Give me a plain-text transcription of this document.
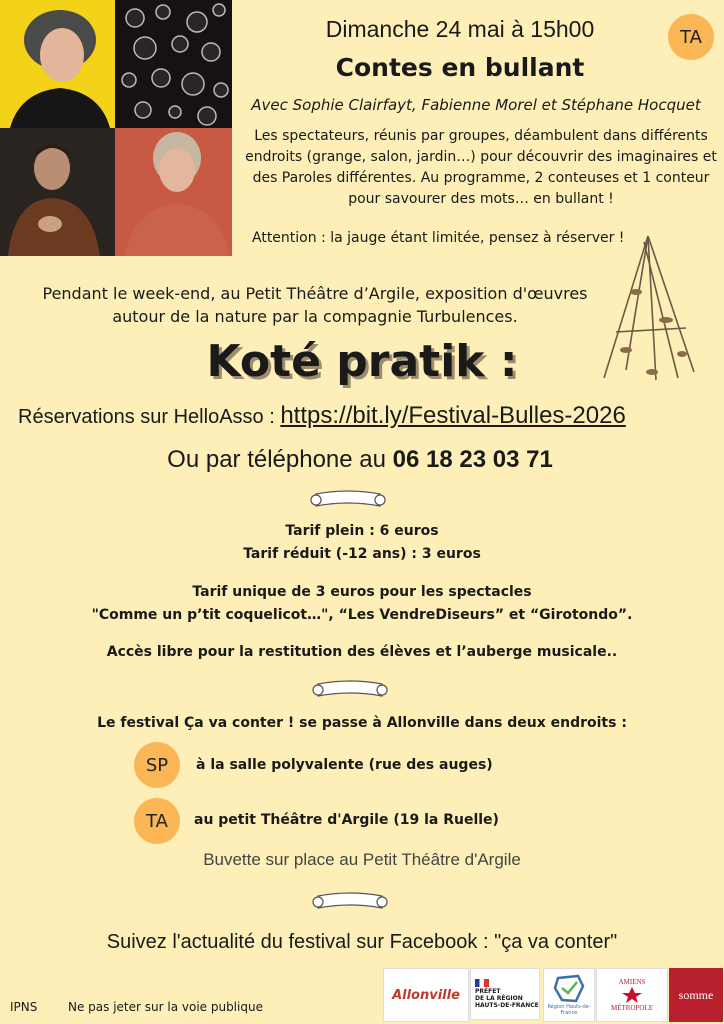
Dimanche 24 mai à 15h00	TA
Contes en bullant
Avec Sophie Clairfayt, Fabienne Morel et Stéphane Hocquet
Les spectateurs, réunis par groupes, déambulent dans différents endroits (grange, salon, jardin…) pour découvrir des imaginaires et des Paroles différentes. Au programme, 2 conteuses et 1 conteur pour savourer des mots… en bullant !
Attention : la jauge étant limitée, pensez à réserver !
Pendant le week-end, au Petit Théâtre d’Argile, exposition d'œuvres autour de la nature par la compagnie Turbulences.
Koté pratik :
Réservations sur HelloAsso : https://bit.ly/Festival-Bulles-2026
Ou par téléphone au 06 18 23 03 71
Tarif plein : 6 euros
Tarif réduit (-12 ans) : 3 euros
Tarif unique de 3 euros pour les spectacles
"Comme un p’tit coquelicot…", “Les VendreDiseurs” et “Girotondo”.
Accès libre pour la restitution des élèves et l’auberge musicale..
Le festival Ça va conter ! se passe à Allonville dans deux endroits :
SP	à la salle polyvalente (rue des auges)
TA	au petit Théâtre d'Argile (19 la Ruelle)
Buvette sur place au Petit Théâtre d'Argile
Suivez l'actualité du festival sur Facebook : "ça va conter"
IPNS	Ne pas jeter sur la voie publique
Allonville	PRÉFET
DE LA RÉGION
HAUTS-DE-FRANCE	Région Hauts-de-France
AMIENS
MÉTROPOLE
somme
